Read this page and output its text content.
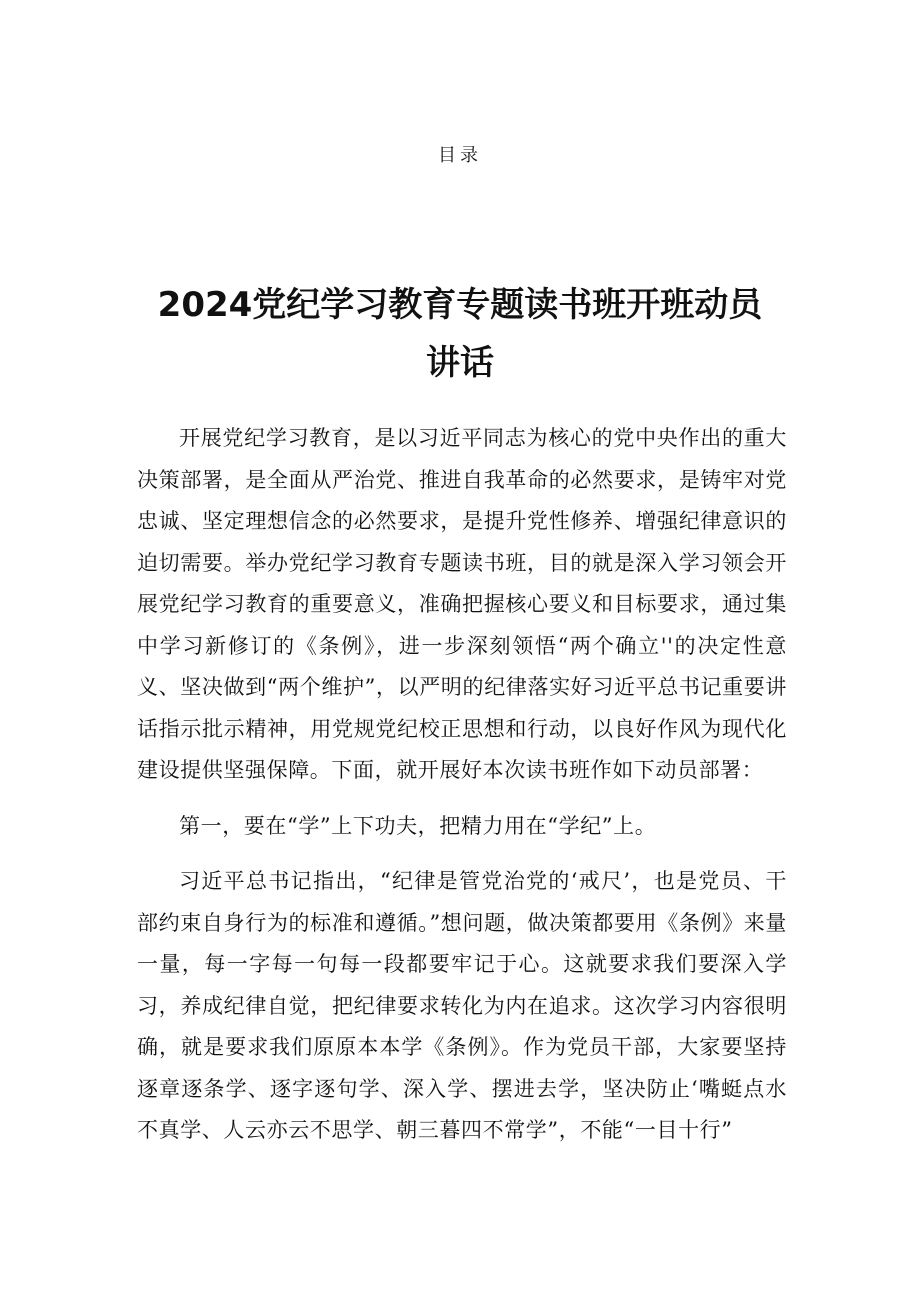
目录
2024党纪学习教育专题读书班开班动员讲话

开展党纪学习教育，是以习近平同志为核心的党中央作出的重大决策部署，是全面从严治党、推进自我革命的必然要求，是铸牢对党忠诚、坚定理想信念的必然要求，是提升党性修养、增强纪律意识的迫切需要。举办党纪学习教育专题读书班，目的就是深入学习领会开展党纪学习教育的重要意义，准确把握核心要义和目标要求，通过集中学习新修订的《条例》，进一步深刻领悟“两个确立''的决定性意义、坚决做到“两个维护”，以严明的纪律落实好习近平总书记重要讲话指示批示精神，用党规党纪校正思想和行动，以良好作风为现代化建设提供坚强保障。下面，就开展好本次读书班作如下动员部署：

第一，要在“学”上下功夫，把精力用在“学纪”上。

习近平总书记指出，“纪律是管党治党的‘戒尺’，也是党员、干部约束自身行为的标准和遵循。”想问题，做决策都要用《条例》来量一量，每一字每一句每一段都要牢记于心。这就要求我们要深入学习，养成纪律自觉，把纪律要求转化为内在追求。这次学习内容很明确，就是要求我们原原本本学《条例》。作为党员干部，大家要坚持逐章逐条学、逐字逐句学、深入学、摆进去学，坚决防止‘嘴蜓点水不真学、人云亦云不思学、朝三暮四不常学”，不能“一目十行”
